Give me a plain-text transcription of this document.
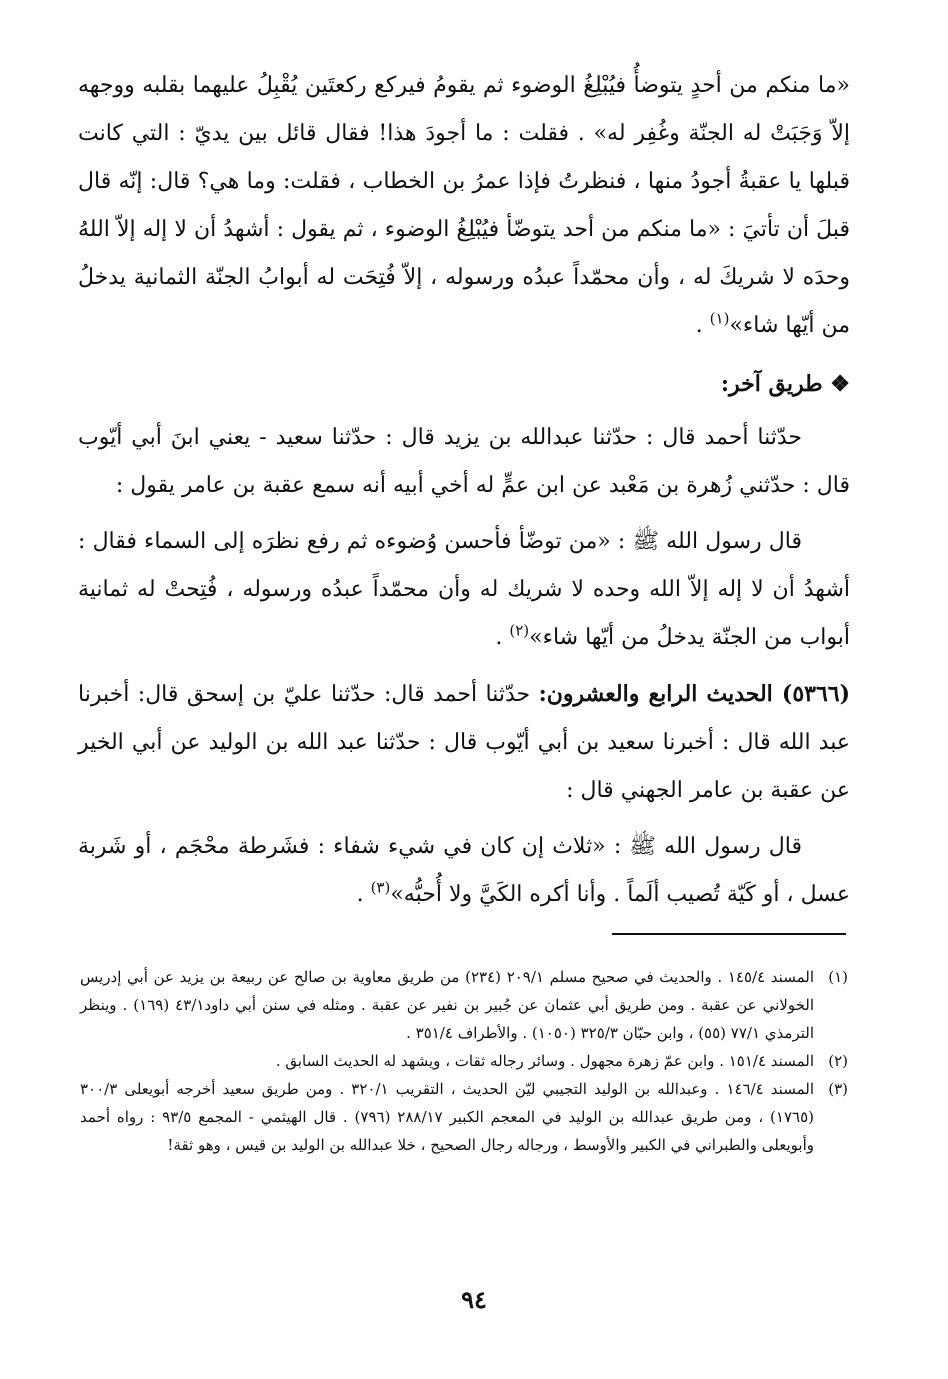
«ما منكم من أحدٍ يتوضأُ فيُبْلِغُ الوضوء ثم يقومُ فيركع ركعتَين يُقْبِلُ عليهما بقلبه ووجهه إلاّ وَجَبَتْ له الجنّة وغُفِر له» . فقلت : ما أجودَ هذا! فقال قائل بين يديّ : التي كانت قبلها يا عقبةُ أجودُ منها ، فنظرتُ فإذا عمرُ بن الخطاب ، فقلت: وما هي؟ قال: إنّه قال قبلَ أن تأتيَ : «ما منكم من أحد يتوضّأ فيُبْلِغُ الوضوء ، ثم يقول : أشهدُ أن لا إله إلاّ اللهُ وحدَه لا شريكَ له ، وأن محمّداً عبدُه ورسوله ، إلاّ فُتِحَت له أبوابُ الجنّة الثمانية يدخلُ من أيّها شاء»$^{(١)}$ .

❖ طريق آخر:

حدّثنا أحمد قال : حدّثنا عبدالله بن يزيد قال : حدّثنا سعيد - يعني ابنَ أبي أيّوب قال : حدّثني زُهرة بن مَعْبد عن ابن عمٍّ له أخي أبيه أنه سمع عقبة بن عامر يقول :

قال رسول الله ﷺ : «من توضّأ فأحسن وُضوءه ثم رفع نظرَه إلى السماء فقال : أشهدُ أن لا إله إلاّ الله وحده لا شريك له وأن محمّداً عبدُه ورسوله ، فُتِحتْ له ثمانية أبواب من الجنّة يدخلُ من أيّها شاء»$^{(٢)}$ .

(٥٣٦٦) الحديث الرابع والعشرون: حدّثنا أحمد قال: حدّثنا عليّ بن إسحق قال: أخبرنا عبد الله قال : أخبرنا سعيد بن أبي أيّوب قال : حدّثنا عبد الله بن الوليد عن أبي الخير عن عقبة بن عامر الجهني قال :

قال رسول الله ﷺ : «ثلاث إن كان في شيء شفاء : فشَرطة محْجَم ، أو شَربة عسل ، أو كَيّة تُصيب ألَماً . وأنا أكره الكَيَّ ولا أُحبُّه»$^{(٣)}$ .

(١)
المسند ١٤٥/٤ . والحديث في صحيح مسلم ٢٠٩/١ (٢٣٤) من طريق معاوية بن صالح عن ربيعة بن يزيد عن أبي إدريس الخولاني عن عقبة . ومن طريق أبي عثمان عن جُبير بن نفير عن عقبة . ومثله في سنن أبي داود٤٣/١ (١٦٩) . وينظر الترمذي ٧٧/١ (٥٥) ، وابن حبّان ٣٢٥/٣ (١٠٥٠) . والأطراف ٣٥١/٤ .

(٢)
المسند ١٥١/٤ . وابن عمّ زهرة مجهول . وسائر رجاله ثقات ، ويشهد له الحديث السابق .

(٣)
المسند ١٤٦/٤ . وعبدالله بن الوليد التجيبي ليّن الحديث ، التقريب ٣٢٠/١ . ومن طريق سعيد أخرجه أبويعلى ٣٠٠/٣ (١٧٦٥) ، ومن طريق عبدالله بن الوليد في المعجم الكبير ٢٨٨/١٧ (٧٩٦) . قال الهيثمي - المجمع ٩٣/٥ : رواه أحمد وأبويعلى والطبراني في الكبير والأوسط ، ورجاله رجال الصحيح ، خلا عبدالله بن الوليد بن قيس ، وهو ثقة!

٩٤
